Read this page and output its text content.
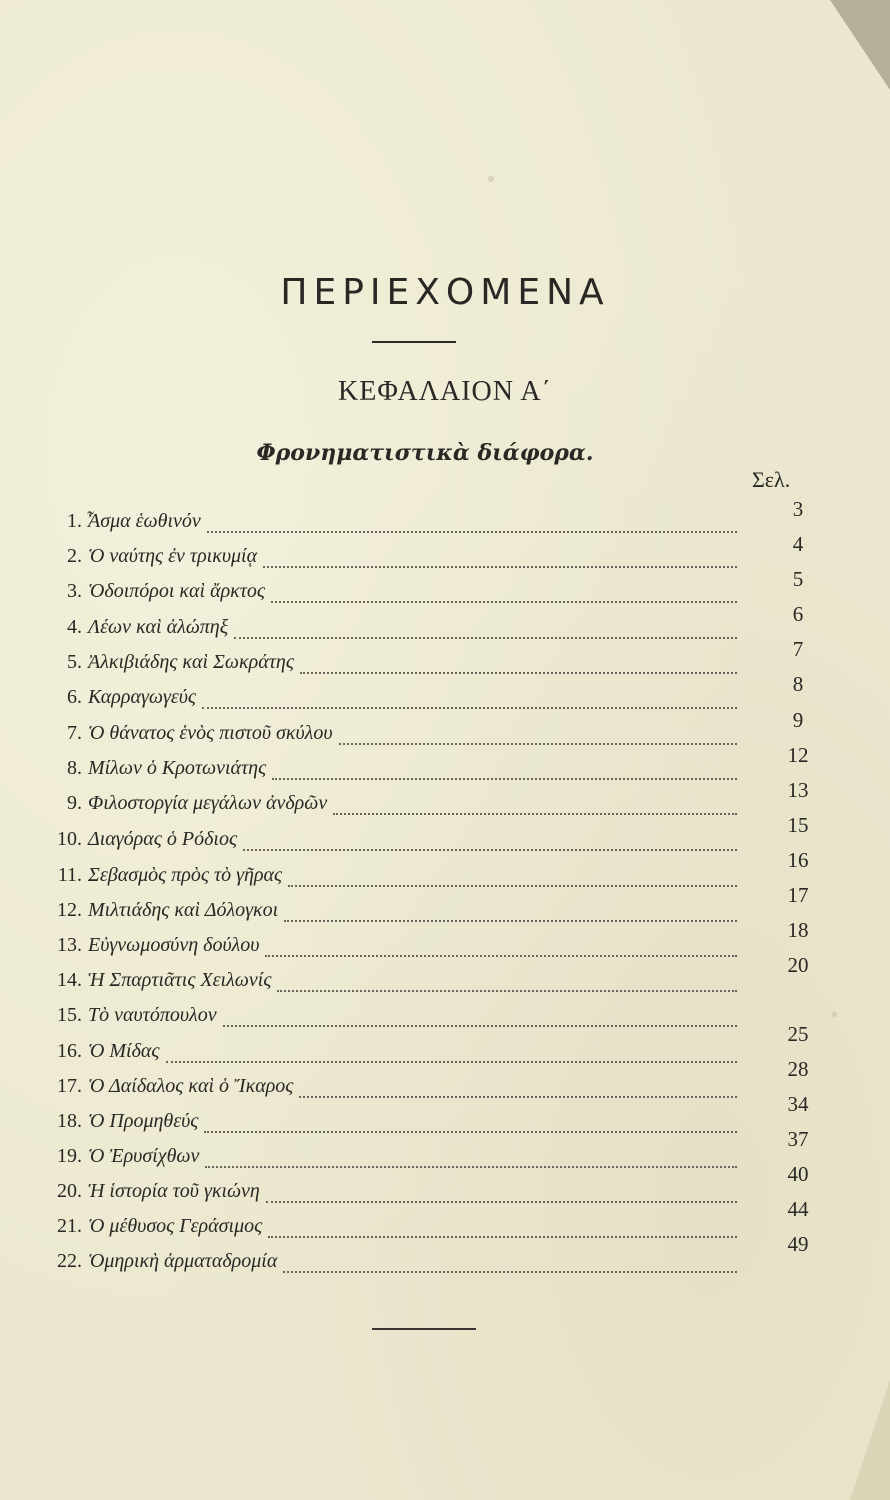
ΠΕΡΙΕΧΟΜΕΝΑ
ΚΕΦΑΛΑΙΟΝ Α΄
Φρονηματιστικὰ διάφορα.
Σελ.
1. Ἆσμα ἑωθινόν
2. Ὁ ναύτης ἐν τρικυμίᾳ
3. Ὁδοιπόροι καὶ ἄρκτος
4. Λέων καὶ ἀλώπηξ
5. Ἀλκιβιάδης καὶ Σωκράτης
6. Καρραγωγεύς
7. Ὁ θάνατος ἑνὸς πιστοῦ σκύλου
8. Μίλων ὁ Κροτωνιάτης
9. Φιλοστοργία μεγάλων ἀνδρῶν
10. Διαγόρας ὁ Ρόδιος
11. Σεβασμὸς πρὸς τὸ γῆρας
12. Μιλτιάδης καὶ Δόλογκοι
13. Εὐγνωμοσύνη δούλου
14. Ἡ Σπαρτιᾶτις Χειλωνίς
15. Τὸ ναυτόπουλον
16. Ὁ Μίδας
17. Ὁ Δαίδαλος καὶ ὁ Ἴκαρος
18. Ὁ Προμηθεύς
19. Ὁ Ἐρυσίχθων
20. Ἡ ἱστορία τοῦ γκιώνη
21. Ὁ μέθυσος Γεράσιμος
22. Ὁμηρικὴ ἁρματαδρομία
3
4
5
6
7
8
9
12
13
15
16
17
18
20
25
28
34
37
40
44
49
